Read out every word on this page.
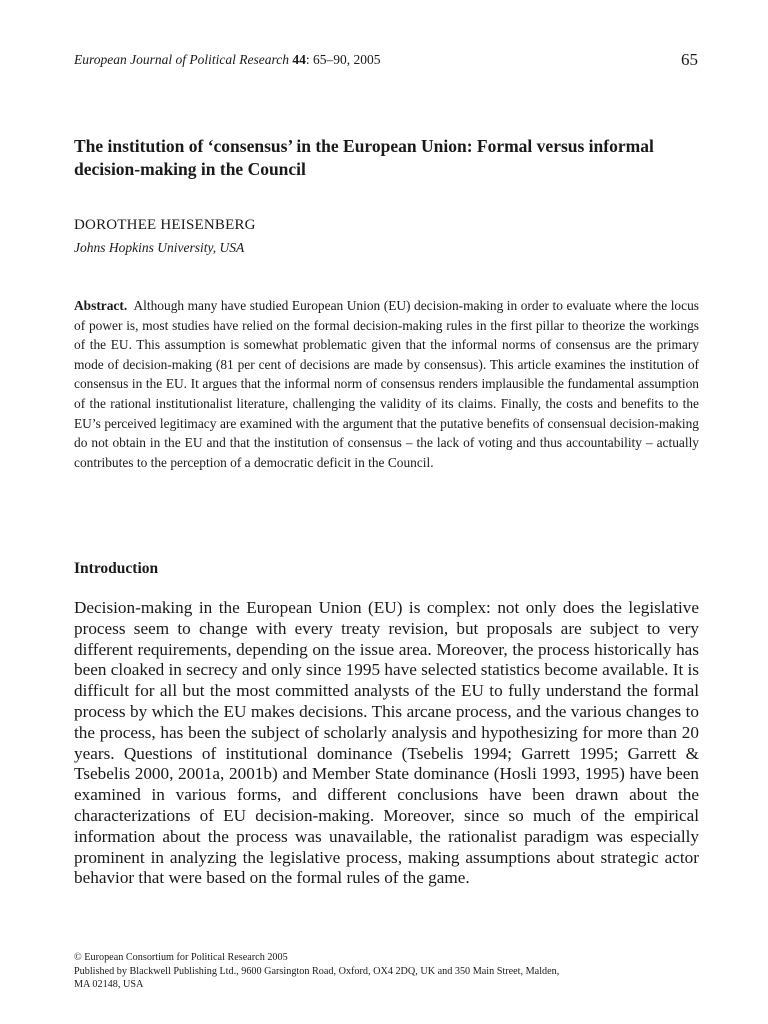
European Journal of Political Research 44: 65–90, 2005	65
The institution of ‘consensus’ in the European Union: Formal versus informal decision-making in the Council
DOROTHEE HEISENBERG
Johns Hopkins University, USA

Abstract. Although many have studied European Union (EU) decision-making in order to evaluate where the locus of power is, most studies have relied on the formal decision-making rules in the first pillar to theorize the workings of the EU. This assumption is somewhat problematic given that the informal norms of consensus are the primary mode of decision-making (81 per cent of decisions are made by consensus). This article examines the institution of consensus in the EU. It argues that the informal norm of consensus renders implausible the fundamental assumption of the rational institutionalist literature, challenging the validity of its claims. Finally, the costs and benefits to the EU’s perceived legitimacy are examined with the argument that the putative benefits of consensual decision-making do not obtain in the EU and that the institution of consensus – the lack of voting and thus accountability – actually contributes to the perception of a democratic deficit in the Council.

Introduction

Decision-making in the European Union (EU) is complex: not only does the legislative process seem to change with every treaty revision, but proposals are subject to very different requirements, depending on the issue area. Moreover, the process historically has been cloaked in secrecy and only since 1995 have selected statistics become available. It is difficult for all but the most committed analysts of the EU to fully understand the formal process by which the EU makes decisions. This arcane process, and the various changes to the process, has been the subject of scholarly analysis and hypothesizing for more than 20 years. Questions of institutional dominance (Tsebelis 1994; Garrett 1995; Garrett & Tsebelis 2000, 2001a, 2001b) and Member State dominance (Hosli 1993, 1995) have been examined in various forms, and different conclusions have been drawn about the characterizations of EU decision-making. Moreover, since so much of the empirical information about the process was unavailable, the rationalist paradigm was especially prominent in analyzing the legislative process, making assumptions about strategic actor behavior that were based on the formal rules of the game.

© European Consortium for Political Research 2005
Published by Blackwell Publishing Ltd., 9600 Garsington Road, Oxford, OX4 2DQ, UK and 350 Main Street, Malden,
MA 02148, USA
